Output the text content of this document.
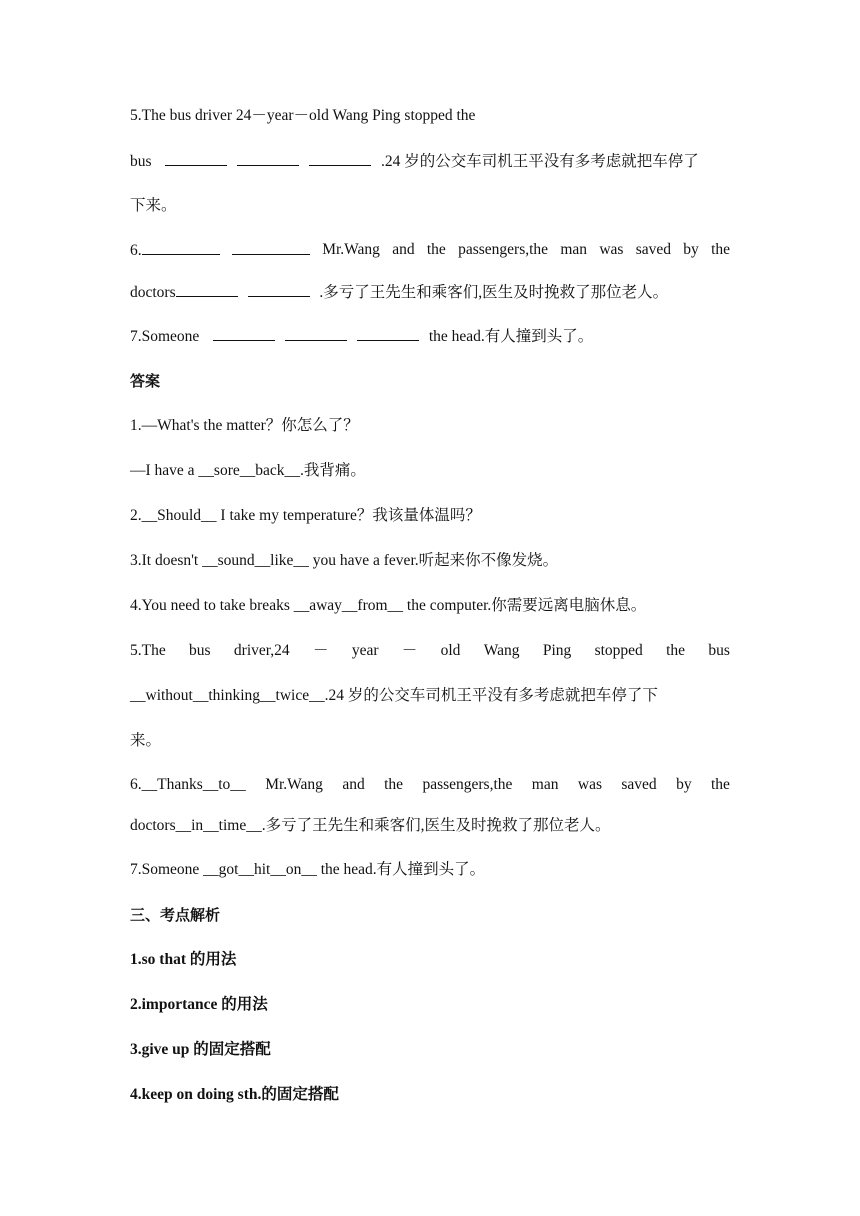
5.The bus driver 24－year－old Wang Ping stopped the
bus	.24 岁的公交车司机王平没有多考虑就把车停了
下来。
6.	Mr.Wang and the passengers,the man was saved by the
doctors	.多亏了王先生和乘客们,医生及时挽救了那位老人。
7.Someone	the head.有人撞到头了。
答案
1.—What's the matter？你怎么了？
—I have a __sore__back__.我背痛。
2.__Should__ I take my temperature？我该量体温吗？
3.It doesn't __sound__like__ you have a fever.听起来你不像发烧。
4.You need to take breaks __away__from__ the computer.你需要远离电脑休息。
5.The bus driver,24 － year － old Wang Ping stopped the bus
__without__thinking__twice__.24 岁的公交车司机王平没有多考虑就把车停了下
来。
6.__Thanks__to__ Mr.Wang and the passengers,the man was saved by the
doctors__in__time__.多亏了王先生和乘客们,医生及时挽救了那位老人。
7.Someone __got__hit__on__ the head.有人撞到头了。
三、考点解析
1.so that 的用法
2.importance 的用法
3.give up 的固定搭配
4.keep on doing sth.的固定搭配
